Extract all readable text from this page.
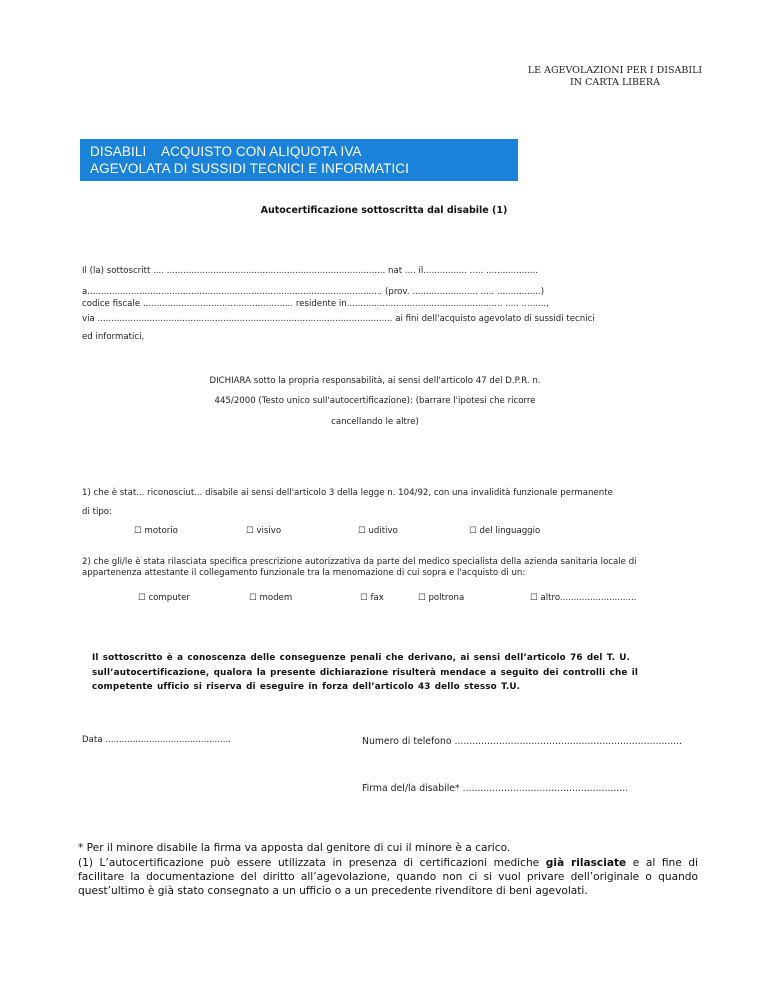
LE AGEVOLAZIONI PER I DISABILI
IN CARTA LIBERA
DISABILI    ACQUISTO CON ALIQUOTA IVA
AGEVOLATA DI SUSSIDI TECNICI E INFORMATICI
Autocertificazione sottoscritta dal disabile (1)
Il (la) sottoscritt .... ................................................................................ nat .... il................ ..... ...................
a............................................................................................................ (prov. ........................ ..... ................)
codice fiscale ....................................................... residente in......................................................... ..... .........,
via ............................................................................................................ ai fini dell'acquisto agevolato di sussidi tecnici
ed informatici,
DICHIARA sotto la propria responsabilità, ai sensi dell'articolo 47 del D.P.R. n.
445/2000 (Testo unico sull'autocertificazione): (barrare l'ipotesi che ricorre
cancellando le altre)
1) che è stat... riconosciut... disabile ai sensi dell'articolo 3 della legge n. 104/92, con una invalidità funzionale permanente
di tipo:
☐ motorio	☐ visivo	☐ uditivo	☐ del linguaggio
2) che gli/le è stata rilasciata specifica prescrizione autorizzativa da parte del medico specialista della azienda sanitaria locale di
appartenenza attestante il collegamento funzionale tra la menomazione di cui sopra e l'acquisto di un:
☐ computer	☐ modem	☐ fax	☐ poltrona	☐ altro............................
Il sottoscritto è a conoscenza delle conseguenze penali che derivano, ai sensi dell’articolo 76 del T. U. sull’autocertificazione, qualora la presente dichiarazione risulterà mendace a seguito dei controlli che il competente ufficio si riserva di eseguire in forza dell’articolo 43 dello stesso T.U.
Data ..............................................	Numero di telefono .............................................................................
Firma del/la disabile* ........................................................
* Per il minore disabile la firma va apposta dal genitore di cui il minore è a carico.
(1) L’autocertificazione può essere utilizzata in presenza di certificazioni mediche già rilasciate e al fine di facilitare la documentazione del diritto all’agevolazione, quando non ci si vuol privare dell’originale o quando quest’ultimo è già stato consegnato a un ufficio o a un precedente rivenditore di beni agevolati.
